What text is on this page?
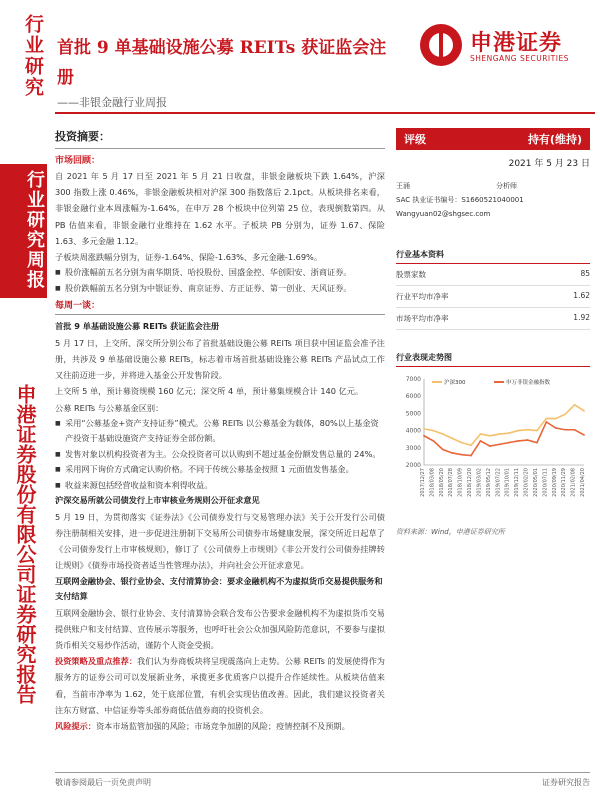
行业研究
行业研究周报
申港证券股份有限公司证券研究报告
首批 9 单基础设施公募 REITs 获证监会注册
——非银金融行业周报
申港证券
SHENGANG SECURITIES
投资摘要：
市场回顾：
自 2021 年 5 月 17 日至 2021 年 5 月 21 日收盘，非银金融板块下跌 1.64%，沪深 300 指数上涨 0.46%，非银金融板块相对沪深 300 指数落后 2.1pct。从板块排名来看，非银金融行业本周涨幅为-1.64%，在申万 28 个板块中位列第 25 位，表现倒数第四。从 PB 估值来看，非银金融行业维持在 1.62 水平。子板块 PB 分别为，证券 1.67、保险 1.63、多元金融 1.12。
子板块周涨跌幅分别为，证券-1.64%、保险-1.63%、多元金融-1.69%。
■ 股价涨幅前五名分别为南华期货、哈投股份、国盛金控、华创阳安、浙商证券。
■ 股价跌幅前五名分别为中银证券、南京证券、方正证券、第一创业、天风证券。
每周一谈：
首批 9 单基础设施公募 REITs 获证监会注册
5 月 17 日，上交所、深交所分别公布了首批基础设施公募 REITs 项目获中国证监会准予注册，共涉及 9 单基础设施公募 REITs，标志着市场首批基础设施公募 REITs 产品试点工作又往前迈进一步，并将进入基金公开发售阶段。
上交所 5 单，预计募资规模 160 亿元；深交所 4 单，预计募集规模合计 140 亿元。
公募 REITs 与公募基金区别：
■ 采用“公募基金+资产支持证券”模式。公募 REITs 以公募基金为载体，80%以上基金资产投资于基础设施资产支持证券全部份额。
■ 发售对象以机构投资者为主。公众投资者可以认购到不超过基金份额发售总量的 24%。
■ 采用网下询价方式确定认购价格。不同于传统公募基金按照 1 元面值发售基金。
■ 收益来源包括经营收益和资本利得收益。
沪深交易所就公司债发行上市审核业务规则公开征求意见
5 月 19 日，为贯彻落实《证券法》《公司债券发行与交易管理办法》关于公开发行公司债券注册制相关安排，进一步促进注册制下交易所公司债券市场健康发展，深交所近日起草了《公司债券发行上市审核规则》，修订了《公司债券上市规则》《非公开发行公司债券挂牌转让规则》《债券市场投资者适当性管理办法》，并向社会公开征求意见。
互联网金融协会、银行业协会、支付清算协会：要求金融机构不为虚拟货币交易提供服务和支付结算
互联网金融协会、银行业协会、支付清算协会联合发布公告要求金融机构不为虚拟货币交易提供账户和支付结算、宣传展示等服务，也呼吁社会公众加强风险防范意识，不要参与虚拟货币相关交易炒作活动，谨防个人资金受损。
投资策略及重点推荐：我们认为券商板块将呈现震荡向上走势。公募 REITs 的发展使得作为服务方的证券公司可以发展新业务，承揽更多优质客户以提升合作延续性。从板块估值来看，当前市净率为 1.62，处于底部位置，有机会实现估值改善。因此，我们建议投资者关注东方财富、中信证券等头部券商低估值券商的投资机会。
风险提示：资本市场监管加强的风险；市场竞争加剧的风险；疫情控制不及预期。
评级	持有(维持)
2021 年 5 月 23 日
王涌	分析师
SAC 执业证书编号： S1660521040001
Wangyuan02@shgsec.com
行业基本资料
股票家数	85
行业平均市净率	1.62
市场平均市净率	1.92
行业表现走势图
2000
3000
4000
5000
6000
7000
2017/12/27 2018/03/08 2018/05/20 2018/07/28 2018/10/09 2018/12/20 2019/03/02 2019/05/12 2019/07/22 2019/10/01 2019/12/11 2020/02/20 2020/05/01 2020/07/11 2020/09/19 2020/11/29 2021/02/08 2021/04/20
沪深300	申万非银金融指数
资料来源：Wind，申港证券研究所
敬请参阅最后一页免责声明	证券研究报告
